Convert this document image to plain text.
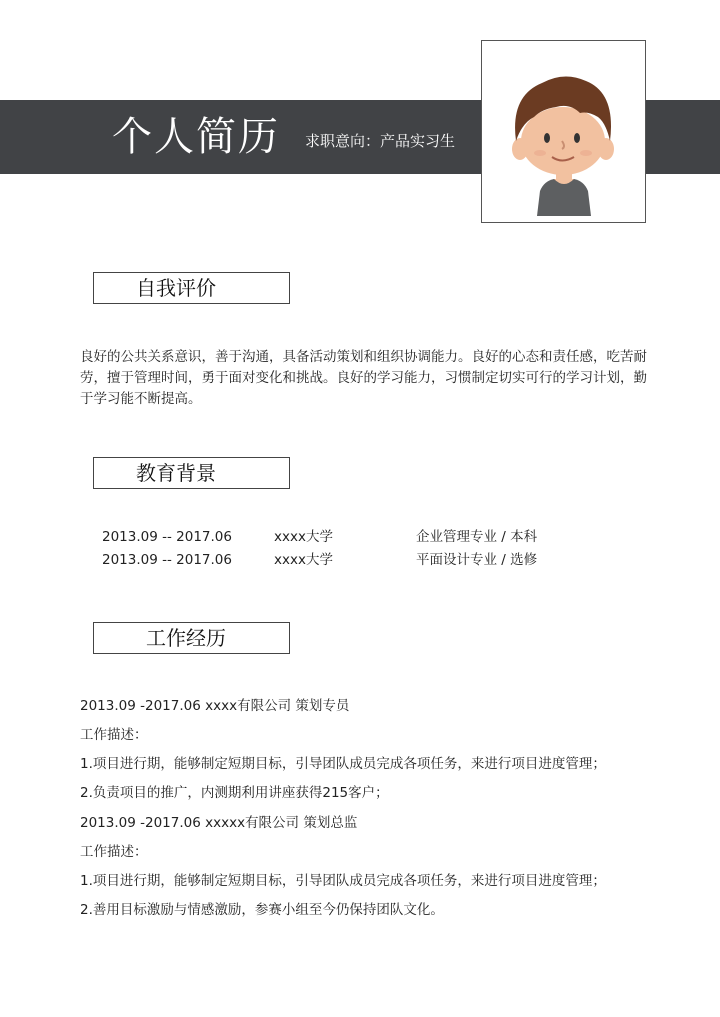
个人简历 求职意向：产品实习生
自我评价
良好的公共关系意识，善于沟通，具备活动策划和组织协调能力。良好的心态和责任感，吃苦耐劳，擅于管理时间，勇于面对变化和挑战。良好的学习能力，习惯制定切实可行的学习计划，勤于学习能不断提高。
教育背景
2013.09 -- 2017.06	xxxx大学	企业管理专业 / 本科
2013.09 -- 2017.06	xxxx大学	平面设计专业 / 选修
工作经历
2013.09 -2017.06 xxxx有限公司 策划专员
工作描述：
1.项目进行期，能够制定短期目标，引导团队成员完成各项任务，来进行项目进度管理；
2.负责项目的推广，内测期利用讲座获得215客户；
2013.09 -2017.06 xxxxx有限公司 策划总监
工作描述：
1.项目进行期，能够制定短期目标，引导团队成员完成各项任务，来进行项目进度管理；
2.善用目标激励与情感激励，参赛小组至今仍保持团队文化。
